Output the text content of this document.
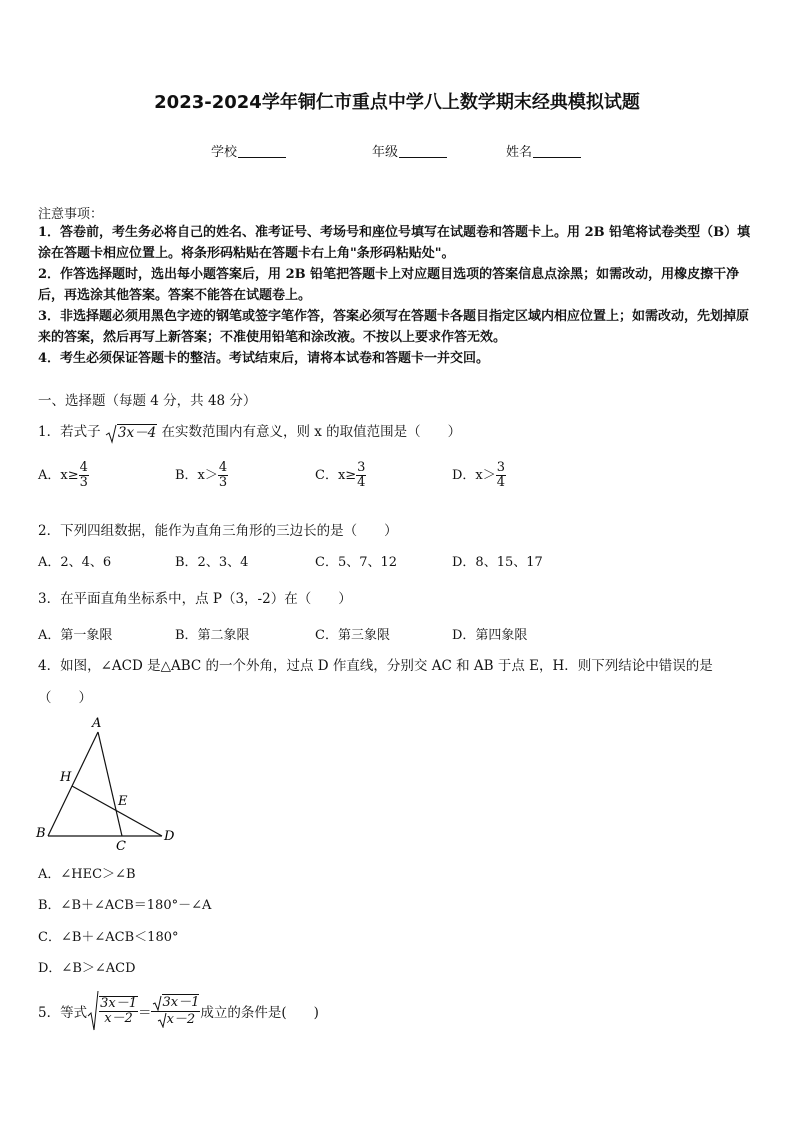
2023-2024学年铜仁市重点中学八上数学期末经典模拟试题
学校	年级	姓名
注意事项：

1．答卷前，考生务必将自己的姓名、准考证号、考场号和座位号填写在试题卷和答题卡上。用 2B 铅笔将试卷类型（B）填涂在答题卡相应位置上。将条形码粘贴在答题卡右上角"条形码粘贴处"。

2．作答选择题时，选出每小题答案后，用 2B 铅笔把答题卡上对应题目选项的答案信息点涂黑；如需改动，用橡皮擦干净后，再选涂其他答案。答案不能答在试题卷上。

3．非选择题必须用黑色字迹的钢笔或签字笔作答，答案必须写在答题卡各题目指定区域内相应位置上；如需改动，先划掉原来的答案，然后再写上新答案；不准使用铅笔和涂改液。不按以上要求作答无效。

4．考生必须保证答题卡的整洁。考试结束后，请将本试卷和答题卡一并交回。

一、选择题（每题 4 分，共 48 分）
1．若式子 3x－4 在实数范围内有意义，则 x 的取值范围是（　　）
A．$x\ge \frac{4}{3}$	B．$x> \frac{4}{3}$	C．$x\ge \frac{3}{4}$	D．$x> \frac{3}{4}$
2．下列四组数据，能作为直角三角形的三边长的是（　　）
A．2、4、6	B．2、3、4	C．5、7、12	D．8、15、17
3．在平面直角坐标系中，点 P（3，-2）在（　　）
A．第一象限	B．第二象限	C．第三象限	D．第四象限
4．如图，∠ACD 是△ABC 的一个外角，过点 D 作直线，分别交 AC 和 AB 于点 E，H．则下列结论中错误的是
（　　）
A
H
E
B
C
D
A．∠HEC＞∠B
B．∠B＋∠ACB＝180°－∠A
C．∠B＋∠ACB＜180°
D．∠B＞∠ACD
5．等式 $\frac{3x-1}{x-2} = \frac{3x-1}{x-2}$ 成立的条件是(　　)
